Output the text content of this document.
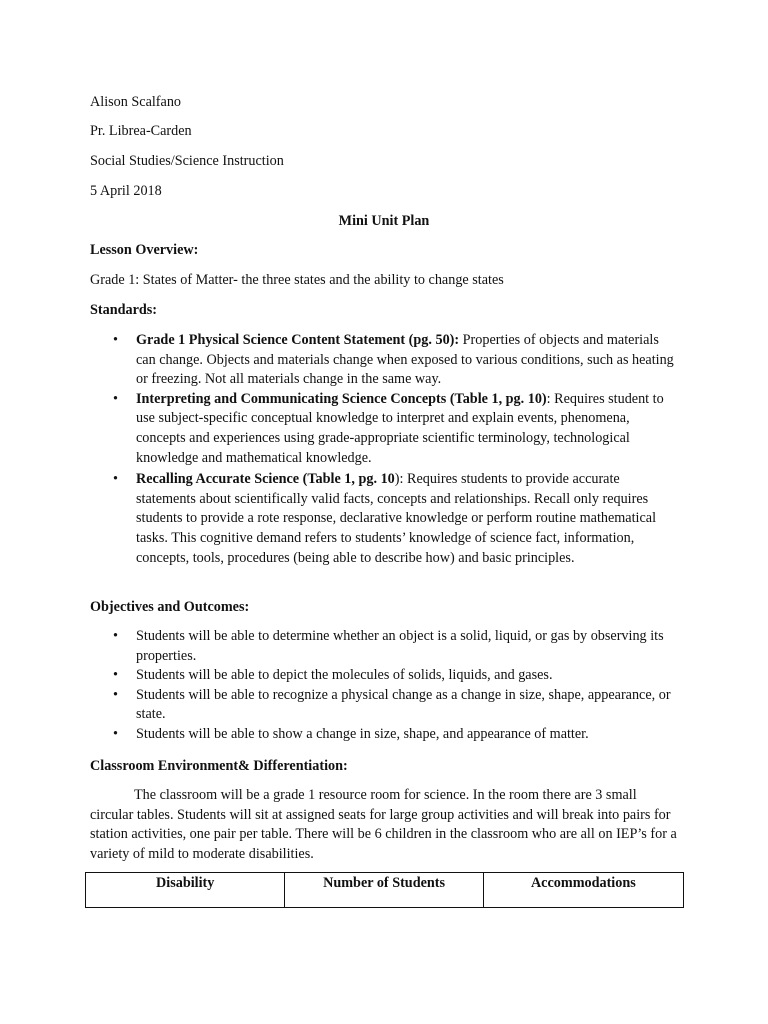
Alison Scalfano
Pr. Librea-Carden
Social Studies/Science Instruction
5 April 2018
Mini Unit Plan
Lesson Overview:
Grade 1: States of Matter- the three states and the ability to change states
Standards:
• Grade 1 Physical Science Content Statement (pg. 50): Properties of objects and materials can change. Objects and materials change when exposed to various conditions, such as heating or freezing. Not all materials change in the same way.
• Interpreting and Communicating Science Concepts (Table 1, pg. 10): Requires student to use subject-specific conceptual knowledge to interpret and explain events, phenomena, concepts and experiences using grade-appropriate scientific terminology, technological knowledge and mathematical knowledge.
• Recalling Accurate Science (Table 1, pg. 10): Requires students to provide accurate statements about scientifically valid facts, concepts and relationships. Recall only requires students to provide a rote response, declarative knowledge or perform routine mathematical tasks. This cognitive demand refers to students’ knowledge of science fact, information, concepts, tools, procedures (being able to describe how) and basic principles.
Objectives and Outcomes:
• Students will be able to determine whether an object is a solid, liquid, or gas by observing its properties.
• Students will be able to depict the molecules of solids, liquids, and gases.
• Students will be able to recognize a physical change as a change in size, shape, appearance, or state.
• Students will be able to show a change in size, shape, and appearance of matter.
Classroom Environment& Differentiation:
The classroom will be a grade 1 resource room for science. In the room there are 3 small circular tables. Students will sit at assigned seats for large group activities and will break into pairs for station activities, one pair per table. There will be 6 children in the classroom who are all on IEP’s for a variety of mild to moderate disabilities.
Disability	Number of Students	Accommodations
